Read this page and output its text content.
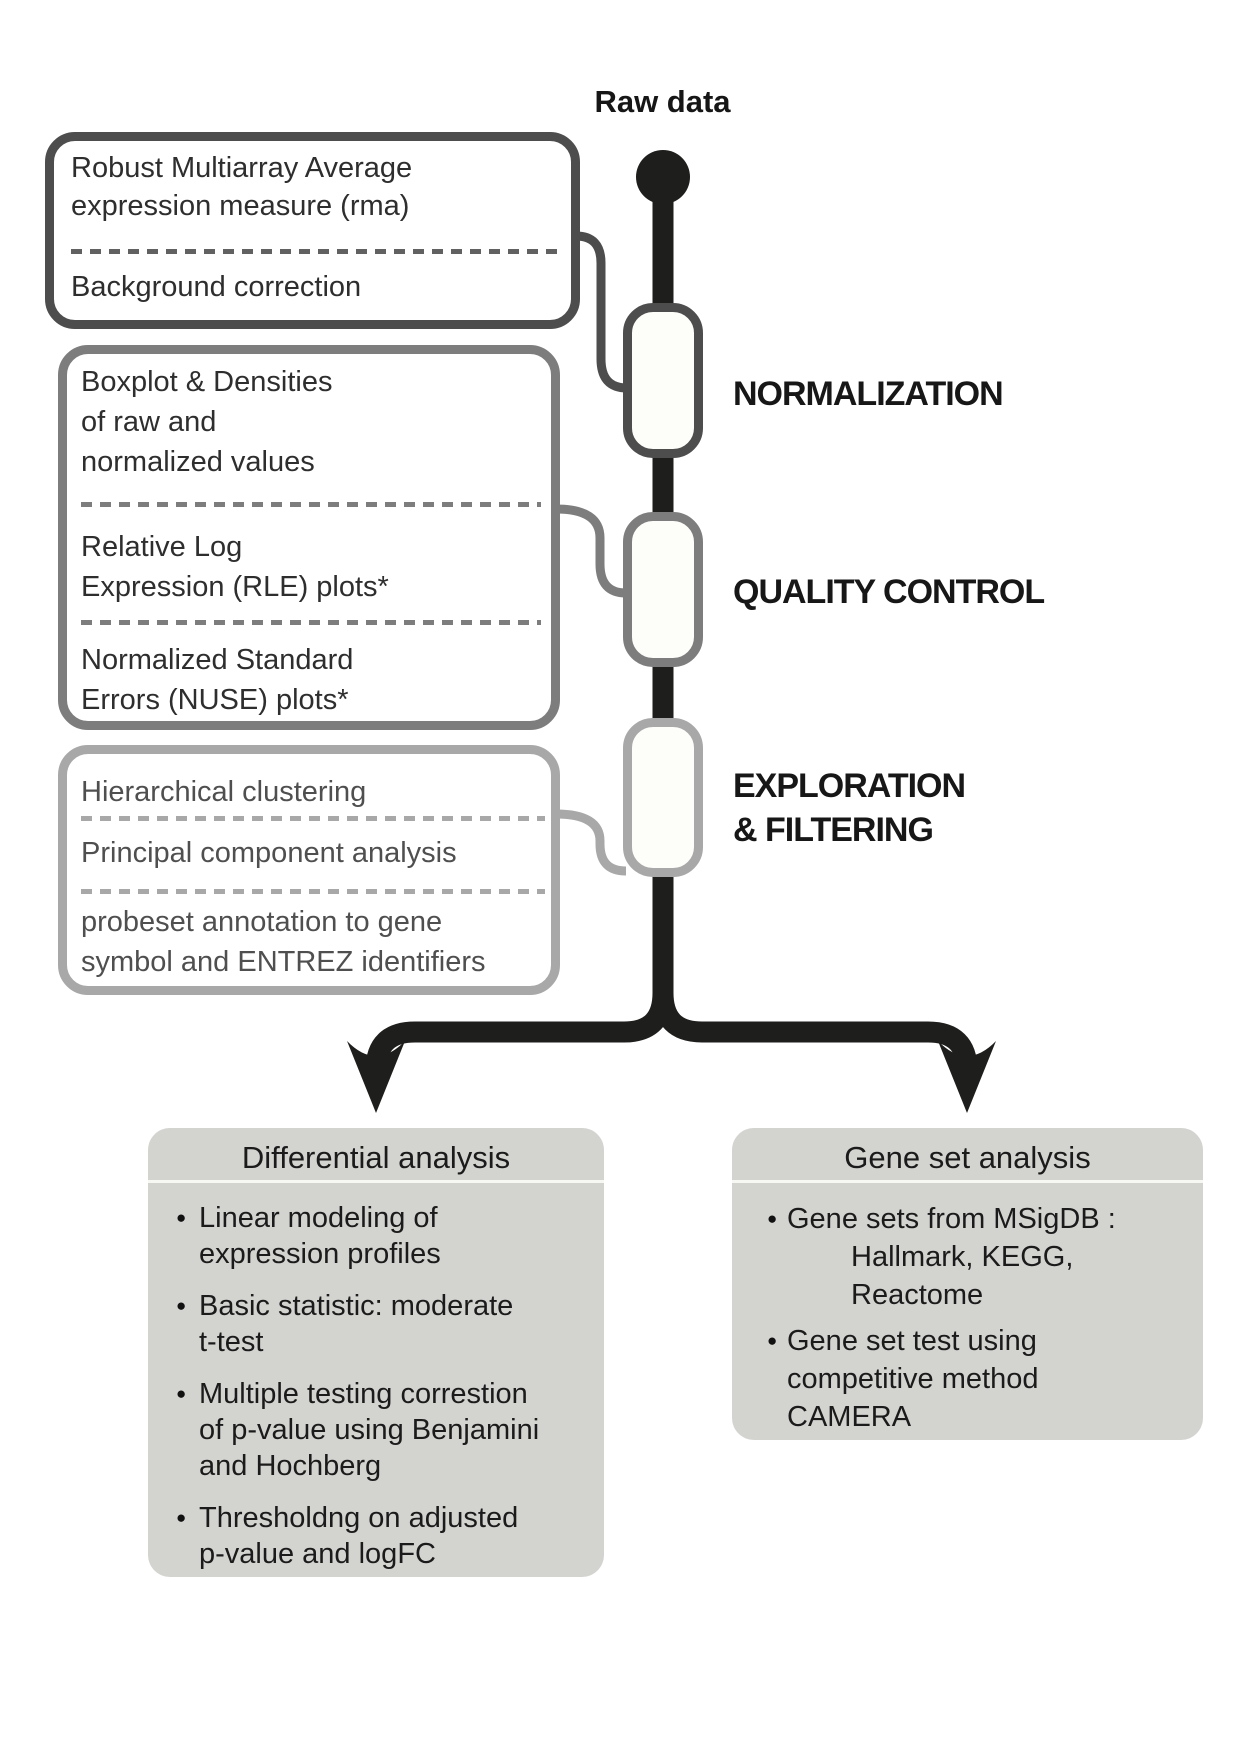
Raw data
Robust Multiarray Average
expression measure (rma)
Background correction
Boxplot & Densities
of raw and
normalized values
Relative Log
Expression (RLE) plots*
Normalized Standard
Errors (NUSE) plots*
Hierarchical clustering
Principal component analysis
probeset annotation to gene
symbol and ENTREZ identifiers
NORMALIZATION
QUALITY CONTROL
EXPLORATION
& FILTERING
Differential analysis
● Linear modeling of
expression profiles
● Basic statistic: moderate
t-test
● Multiple testing correstion
of p-value using Benjamini
and Hochberg
● Thresholdng on adjusted
p-value and logFC
Gene set analysis
● Gene sets from MSigDB :
Hallmark, KEGG,
Reactome
● Gene set test using
competitive method
CAMERA
